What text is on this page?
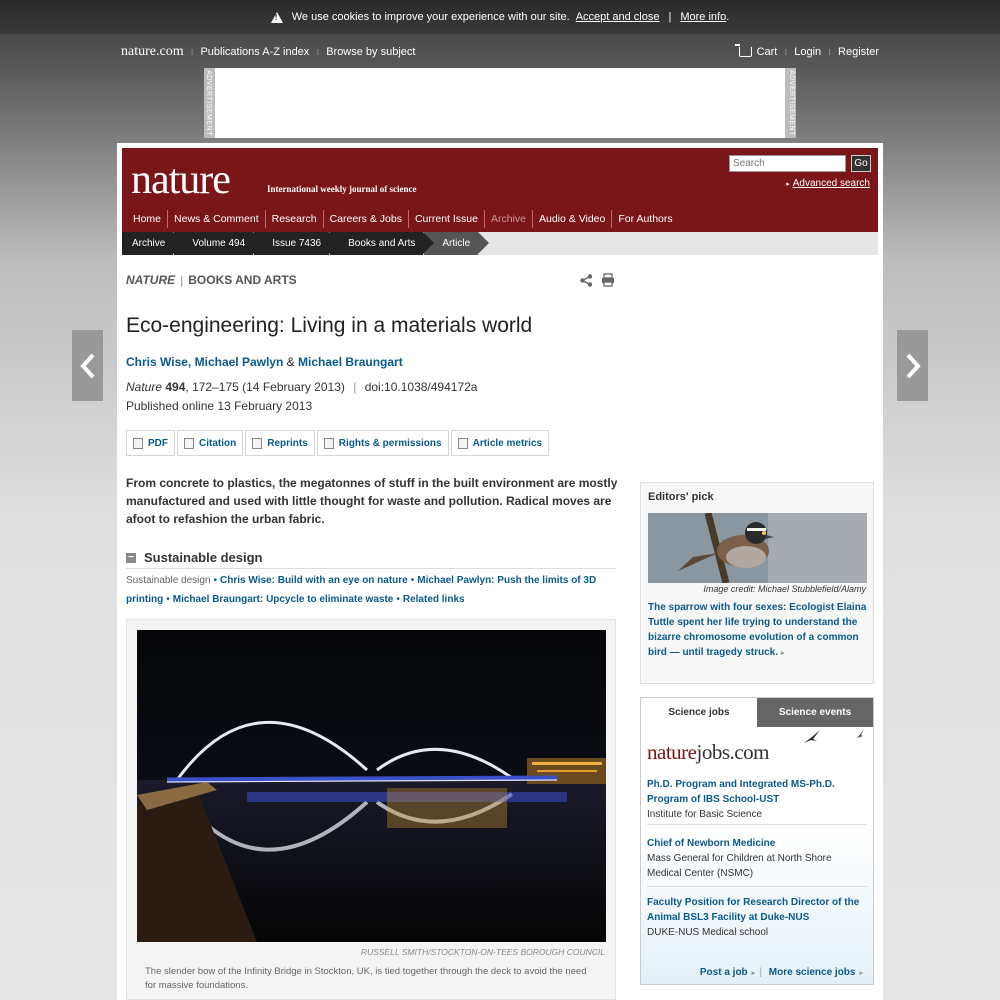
!
We use cookies to improve your experience with our site. Accept and close | More info.
nature.com ⁝ Publications A-Z index ⁝ Browse by subject	Cart ⁝ Login ⁝ Register
ADVERTISEMENT	ADVERTISEMENT
nature	International weekly journal of science
Search
Go
▸ Advanced search
Home	News & Comment	Research	Careers & Jobs	Current Issue	Archive	Audio & Video	For Authors
Archive	Volume 494	Issue 7436	Books and Arts	Article
NATURE | BOOKS AND ARTS
Eco-engineering: Living in a materials world
Chris Wise, Michael Pawlyn & Michael Braungart
Nature 494, 172–175 (14 February 2013) | doi:10.1038/494172a
Published online 13 February 2013
PDF	Citation	Reprints	Rights & permissions	Article metrics

From concrete to plastics, the megatonnes of stuff in the built environment are mostly manufactured and used with little thought for waste and pollution. Radical moves are afoot to refashion the urban fabric.

− Sustainable design
Sustainable design • Chris Wise: Build with an eye on nature • Michael Pawlyn: Push the limits of 3D printing • Michael Braungart: Upcycle to eliminate waste • Related links
RUSSELL SMITH/STOCKTON-ON-TEES BOROUGH COUNCIL

The slender bow of the Infinity Bridge in Stockton, UK, is tied together through the deck to avoid the need for massive foundations.

Editors' pick
Image credit: Michael Stubblefield/Alamy
The sparrow with four sexes: Ecologist Elaina Tuttle spent her life trying to understand the bizarre chromosome evolution of a common bird — until tragedy struck. ▸
Science jobs	Science events
naturejobs.com
Ph.D. Program and Integrated MS-Ph.D. Program of IBS School-UST
Institute for Basic Science
Chief of Newborn Medicine
Mass General for Children at North Shore Medical Center (NSMC)
Faculty Position for Research Director of the Animal BSL3 Facility at Duke-NUS
DUKE-NUS Medical school
Post a job ▸ | More science jobs ▸
